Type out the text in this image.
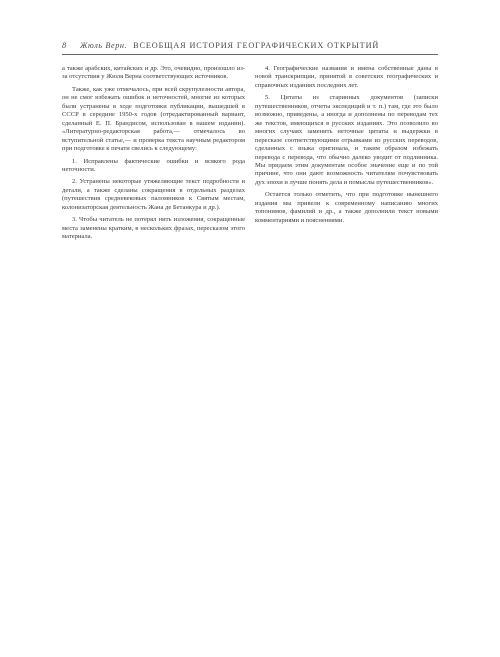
8 Жюль Верн. ВСЕОБЩАЯ ИСТОРИЯ ГЕОГРАФИЧЕСКИХ ОТКРЫТИЙ

а также арабских, китайских и др. Это, очевидно, произошло из-за отсутствия у Жюля Верна соответствующих источников.

Также, как уже отмечалось, при всей скрупулезности автора, он не смог избежать ошибок и неточностей, многие из которых были устранены в ходе подготовки публикации, вышедшей в СССР в середине 1950-х годов (отредактированный вариант, сделанный Е. П. Брандисом, использован в нашем издании). «Литературно-редакторская работа,— отмечалось во вступительной статье,— и проверка текста научным редактором при подготовке к печати свелись к следующему:

1. Исправлены фактические ошибки и всякого рода неточности.

2. Устранены некоторые утяжеляющие текст подробности и детали, а также сделаны сокращения в отдельных разделах (путешествия средневековых паломников к Святым местам, колонизаторская деятельность Жана де Бетанкура и др.).

3. Чтобы читатель не потерял нить изложения, сокращенные места заменены кратким, в нескольких фразах, пересказом этого материала.

4. Географические названия и имена собственные даны в новой транскрипции, принятой в советских географических и справочных изданиях последних лет.

5. Цитаты из старинных документов (записки путешественников, отчеты экспедиций и т. п.) там, где это было возможно, приведены, а иногда и дополнены по переводам тех же текстов, имеющихся в русских изданиях. Это позволило во многих случаях заменить неточные цитаты и выдержки в пересказе соответствующими отрывками из русских переводов, сделанных с языка оригинала, и таким образом избежать перевода с перевода, что обычно далеко уводит от подлинника. Мы придаем этим документам особое значение еще и по той причине, что они дают возможность читателям почувствовать дух эпохи и лучше понять дела и помыслы путешественников».

Остается только отметить, что при подготовке нынешнего издания мы привели к современному написанию многих топонимов, фамилий и др., а также дополнили текст новыми комментариями и пояснениями.
